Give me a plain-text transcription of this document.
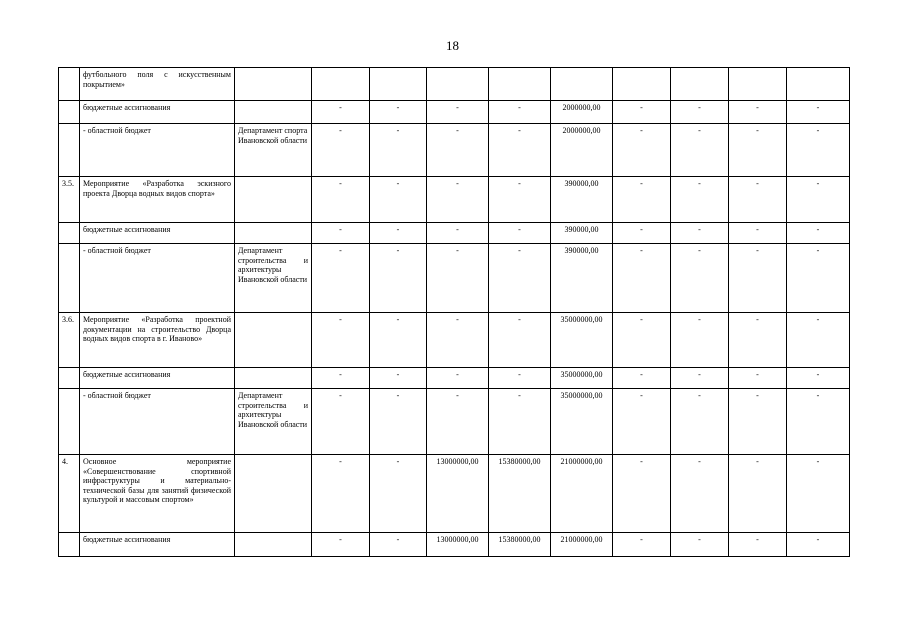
18
	футбольного поля с искусственным покрытием»										
	бюджетные ассигнования		-	-	-	-	2000000,00	-	-	-	-
	- областной бюджет	Департамент спорта Ивановской области	-	-	-	-	2000000,00	-	-	-	-
3.5.	Мероприятие «Разработка эскизного проекта Дворца водных видов спорта»		-	-	-	-	390000,00	-	-	-	-
	бюджетные ассигнования		-	-	-	-	390000,00	-	-	-	-
	- областной бюджет	Департамент строительства и архитектуры Ивановской области	-	-	-	-	390000,00	-	-	-	-
3.6.	Мероприятие «Разработка проектной документации на строительство Дворца водных видов спорта в г. Иваново»		-	-	-	-	35000000,00	-	-	-	-
	бюджетные ассигнования		-	-	-	-	35000000,00	-	-	-	-
	- областной бюджет	Департамент строительства и архитектуры Ивановской области	-	-	-	-	35000000,00	-	-	-	-
4.	Основное мероприятие «Совершенствование спортивной инфраструктуры и материально-технической базы для занятий физической культурой и массовым спортом»		-	-	13000000,00	15380000,00	21000000,00	-	-	-	-
	бюджетные ассигнования		-	-	13000000,00	15380000,00	21000000,00	-	-	-	-
